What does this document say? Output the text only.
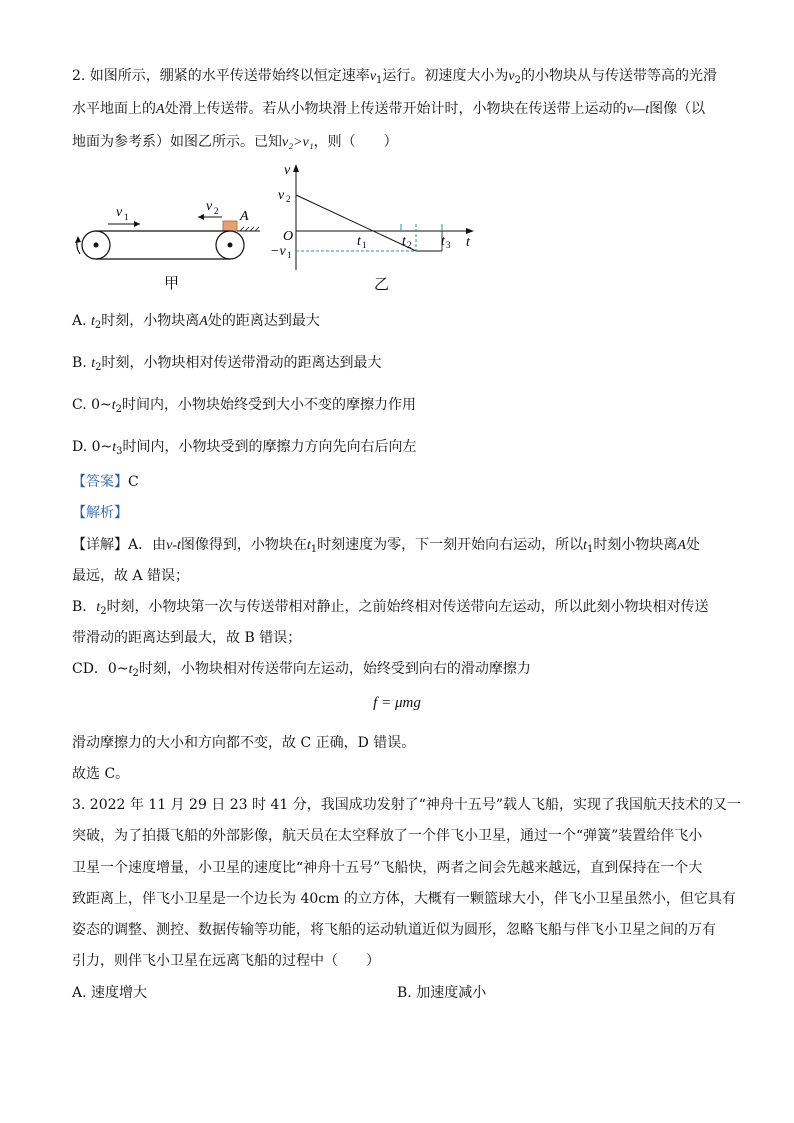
2. 如图所示，绷紧的水平传送带始终以恒定速率$v_1$运行。初速度大小为$v_2$的小物块从与传送带等高的光滑
水平地面上的A处滑上传送带。若从小物块滑上传送带开始计时，小物块在传送带上运动的v—t图像（以
地面为参考系）如图乙所示。已知v₂>v₁，则（　　）
v 1
v 2 A
甲
v
t
O
v 2
−v 1
t 1	t 2 t 3
乙
A. $t_2$时刻，小物块离A处的距离达到最大
B. $t_2$时刻，小物块相对传送带滑动的距离达到最大
C. $0\sim t_2$时间内，小物块始终受到大小不变的摩擦力作用
D. $0\sim t_3$时间内，小物块受到的摩擦力方向先向右后向左
【答案】C
【解析】
【详解】A．由v-t图像得到，小物块在$t_1$时刻速度为零，下一刻开始向右运动，所以$t_1$时刻小物块离A处
最远，故 A 错误；
B．$t_2$时刻，小物块第一次与传送带相对静止，之前始终相对传送带向左运动，所以此刻小物块相对传送
带滑动的距离达到最大，故 B 错误；
CD．$0\sim t_2$时刻，小物块相对传送带向左运动，始终受到向右的滑动摩擦力
f = μmg
滑动摩擦力的大小和方向都不变，故 C 正确，D 错误。
故选 C。
3. 2022 年 11 月 29 日 23 时 41 分，我国成功发射了“神舟十五号”载人飞船，实现了我国航天技术的又一
突破，为了拍摄飞船的外部影像，航天员在太空释放了一个伴飞小卫星，通过一个“弹簧”装置给伴飞小
卫星一个速度增量，小卫星的速度比“神舟十五号”飞船快，两者之间会先越来越远，直到保持在一个大
致距离上，伴飞小卫星是一个边长为 40cm 的立方体，大概有一颗篮球大小，伴飞小卫星虽然小，但它具有
姿态的调整、测控、数据传输等功能，将飞船的运动轨道近似为圆形，忽略飞船与伴飞小卫星之间的万有
引力，则伴飞小卫星在远离飞船的过程中（　　）
A. 速度增大	B. 加速度减小
